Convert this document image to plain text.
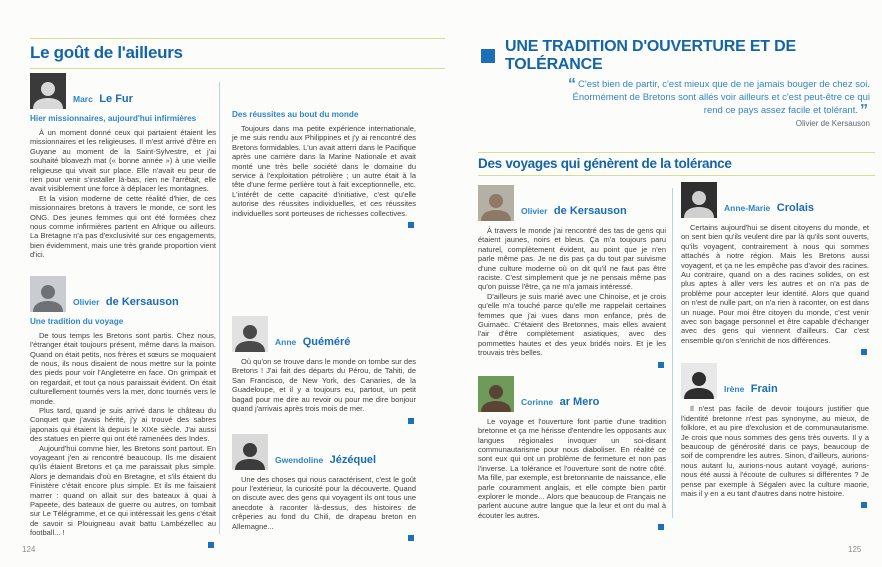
Le goût de l'ailleurs
Marc Le Fur
Hier missionnaires, aujourd'hui infirmières

À un moment donné ceux qui partaient étaient les missionnaires et les religieuses. Il m'est arrivé d'être en Guyane au moment de la Saint-Sylvestre, et j'ai souhaité bloavezh mat (« bonne année ») à une vieille religieuse qui vivait sur place. Elle n'avait eu peur de rien pour venir s'installer là-bas, rien ne l'arrêtait, elle avait visiblement une force à déplacer les montagnes.

Et la vision moderne de cette réalité d'hier, de ces missionnaires bretons à travers le monde, ce sont les ONG. Des jeunes femmes qui ont été formées chez nous comme infirmières partent en Afrique ou ailleurs. La Bretagne n'a pas d'exclusivité sur ces engagements, bien évidemment, mais une très grande proportion vient d'ici.

Olivier de Kersauson
Une tradition du voyage

De tous temps les Bretons sont partis. Chez nous, l'étranger était toujours présent, même dans la maison. Quand on était petits, nos frères et sœurs se moquaient de nous, ils nous disaient de nous mettre sur la pointe des pieds pour voir l'Angleterre en face. On grimpait et on regardait, et tout ça nous paraissait évident. On était culturellement tournés vers la mer, donc tournés vers le monde.

Plus tard, quand je suis arrivé dans le château du Conquet que j'avais hérité, j'y ai trouvé des sabres japonais qui étaient là depuis le XIXe siècle. J'ai aussi des statues en pierre qui ont été ramenées des Indes.

Aujourd'hui comme hier, les Bretons sont partout. En voyageant j'en ai rencontré beaucoup. Ils me disaient qu'ils étaient Bretons et ça me paraissait plus simple. Alors je demandais d'où en Bretagne, et s'ils étaient du Finistère c'était encore plus simple. Et ils me faisaient marrer : quand on allait sur des bateaux à quai à Papeete, des bateaux de guerre ou autres, on tombait sur Le Télégramme, et ce qui intéressait les gens c'était de savoir si Plouigneau avait battu Lambézellec au football... !

Des réussites au bout du monde

Toujours dans ma petite expérience internationale, je me suis rendu aux Philippines et j'y ai rencontré des Bretons formidables. L'un avait atterri dans le Pacifique après une carrière dans la Marine Nationale et avait monté une très belle société dans le domaine du service à l'exploitation pétrolière ; un autre était à la tête d'une ferme perlière tout à fait exceptionnelle, etc. L'intérêt de cette capacité d'initiative, c'est qu'elle autorise des réussites individuelles, et ces réussites individuelles sont porteuses de richesses collectives.

Anne Quéméré

Où qu'on se trouve dans le monde on tombe sur des Bretons ! J'ai fait des départs du Pérou, de Tahiti, de San Francisco, de New York, des Canaries, de la Guadeloupe, et il y a toujours eu, partout, un petit bagad pour me dire au revoir ou pour me dire bonjour quand j'arrivais après trois mois de mer.

Gwendoline Jézéquel

Une des choses qui nous caractérisent, c'est le goût pour l'extérieur, la curiosité pour la découverte. Quand on discute avec des gens qui voyagent ils ont tous une anecdote à raconter là-dessus, des histoires de crêperies au fond du Chili, de drapeau breton en Allemagne...

124
UNE TRADITION D'OUVERTURE ET DE TOLÉRANCE
“ C'est bien de partir, c'est mieux que de ne jamais bouger de chez soi. Énormément de Bretons sont allés voir ailleurs et c'est peut-être ce qui rend ce pays assez facile et tolérant. ”
Olivier de Kersauson
Des voyages qui génèrent de la tolérance
Olivier de Kersauson

À travers le monde j'ai rencontré des tas de gens qui étaient jaunes, noirs et bleus. Ça m'a toujours paru naturel, complètement évident, au point que je n'en parle même pas. Je ne dis pas ça du tout par suivisme d'une culture moderne où on dit qu'il ne faut pas être raciste. C'est simplement que je ne pensais même pas qu'on puisse l'être, ça ne m'a jamais intéressé.

D'ailleurs je suis marié avec une Chinoise, et je crois qu'elle m'a touché parce qu'elle me rappelait certaines femmes que j'ai vues dans mon enfance, près de Guimaëc. C'étaient des Bretonnes, mais elles avaient l'air d'être complètement asiatiques, avec des pommettes hautes et des yeux bridés noirs. Et je les trouvais très belles.

Corinne ar Mero

Le voyage et l'ouverture font partie d'une tradition bretonne et ça me hérisse d'entendre les opposants aux langues régionales invoquer un soi-disant communautarisme pour nous diaboliser. En réalité ce sont eux qui ont un problème de fermeture et non pas l'inverse. La tolérance et l'ouverture sont de notre côté. Ma fille, par exemple, est bretonnante de naissance, elle parle couramment anglais, et elle compte bien partir explorer le monde... Alors que beaucoup de Français ne parlent aucune autre langue que la leur et ont du mal à écouter les autres.

Anne-Marie Crolais

Certains aujourd'hui se disent citoyens du monde, et on sent bien qu'ils veulent dire par là qu'ils sont ouverts, qu'ils voyagent, contrairement à nous qui sommes attachés à notre région. Mais les Bretons aussi voyagent, et ça ne les empêche pas d'avoir des racines. Au contraire, quand on a des racines solides, on est plus aptes à aller vers les autres et on n'a pas de problème pour accepter leur identité. Alors que quand on n'est de nulle part, on n'a rien à raconter, on est dans un nuage. Pour moi être citoyen du monde, c'est venir avec son bagage personnel et être capable d'échanger avec des gens qui viennent d'ailleurs. Car c'est ensemble qu'on s'enrichit de nos différences.

Irène Frain

Il n'est pas facile de devoir toujours justifier que l'identité bretonne n'est pas synonyme, au mieux, de folklore, et au pire d'exclusion et de communautarisme. Je crois que nous sommes des gens très ouverts. Il y a beaucoup de générosité dans ce pays, beaucoup de soif de comprendre les autres. Sinon, d'ailleurs, aurions-nous autant lu, aurions-nous autant voyagé, aurions-nous été aussi à l'écoute de cultures si différentes ? Je pense par exemple à Ségalen avec la culture maorie, mais il y en a eu tant d'autres dans notre histoire.

125
